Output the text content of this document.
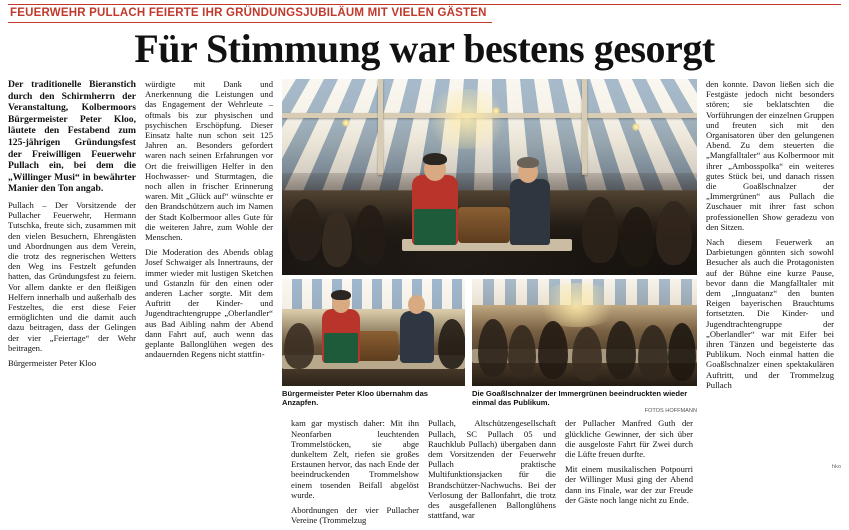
FEUERWEHR PULLACH FEIERTE IHR GRÜNDUNGSJUBILÄUM MIT VIELEN GÄSTEN
Für Stimmung war bestens gesorgt

Der traditionelle Bieranstich durch den Schirmherrn der Veranstaltung, Kolbermoors Bürgermeister Peter Kloo, läutete den Festabend zum 125-jährigen Gründungsfest der Freiwilligen Feuerwehr Pullach ein, bei dem die „Willinger Musi“ in bewährter Manier den Ton angab.

Pullach – Der Vorsitzende der Pullacher Feuerwehr, Hermann Tutschka, freute sich, zusammen mit den vielen Besuchern, Ehrengästen und Abordnungen aus dem Verein, die trotz des regnerischen Wetters den Weg ins Festzelt gefunden hatten, das Gründungsfest zu feiern. Vor allem dankte er den fleißigen Helfern innerhalb und außerhalb des Festzeltes, die erst diese Feier ermöglichten und die damit auch dazu beitragen, dass der Gelingen der vier „Feiertage“ der Wehr beitragen.

Bürgermeister Peter Kloo

würdigte mit Dank und Anerkennung die Leistungen und das Engagement der Wehrleute – oftmals bis zur physischen und psychischen Erschöpfung. Dieser Einsatz halte nun schon seit 125 Jahren an. Besonders gefordert waren nach seinen Erfahrungen vor Ort die freiwilligen Helfer in den Hochwasser- und Sturmtagen, die noch allen in frischer Erinnerung waren. Mit „Glück auf“ wünschte er den Brandschützern auch im Namen der Stadt Kolbermoor alles Gute für die weiteren Jahre, zum Wohle der Menschen.

Die Moderation des Abends oblag Josef Schwaiger als Innertrauns, der immer wieder mit lustigen Sketchen und Gstanzln für den einen oder anderen Lacher sorgte. Mit dem Auftritt der Kinder- und Jugendtrachtengruppe „Oberlandler“ aus Bad Aibling nahm der Abend dann Fahrt auf, auch wenn das geplante Ballonglühen wegen des andauernden Regens nicht stattfin-

Bürgermeister Peter Kloo übernahm das Anzapfen.
Die Goaßlschnalzer der Immergrünen beeindruckten wieder einmal das Publikum.
FOTOS HOFFMANN

den konnte. Davon ließen sich die Festgäste jedoch nicht besonders stören; sie beklatschten die Vorführungen der einzelnen Gruppen und freuten sich mit den Organisatoren über den gelungenen Abend. Zu dem steuerten die „Mangfalltaler“ aus Kolbermoor mit ihrer „Ambosspolka“ ein weiteres gutes Stück bei, und danach rissen die Goaßlschnalzer der „Immergrünen“ aus Pullach die Zuschauer mit ihrer fast schon professionellen Show geradezu von den Sitzen.

Nach diesem Feuerwerk an Darbietungen gönnten sich sowohl Besucher als auch die Protagonisten auf der Bühne eine kurze Pause, bevor dann die Mangfalltaler mit dem „Innguatanz“ den bunten Reigen bayerischen Brauchtums fortsetzten. Die Kinder- und Jugendtrachtengruppe der „Oberlandler“ war mit Eifer bei ihren Tänzen und begeisterte das Publikum. Noch einmal hatten die Goaßlschnalzer einen spektakulären Auftritt, und der Trommelzug Pullach

kam gar mystisch daher: Mit ihn Neonfarben leuchtenden Trommelstöcken, sie abge dunkeltem Zelt, riefen sie großes Erstaunen hervor, das nach Ende der beeindruckenden Trommelshow einem tosenden Beifall abgelöst wurde.

Abordnungen der vier Pullacher Vereine (Trommelzug

Pullach, Altschützengesellschaft Pullach, SC Pullach 05 und Rauchklub Pullach) übergaben dann dem Vorsitzenden der Feuerwehr Pullach praktische Multifunktionsjacken für die Brandschützer-Nachwuchs. Bei der Verlosung der Ballonfahrt, die trotz des ausgefallenen Ballonglühens stattfand, war

der Pullacher Manfred Guth der glückliche Gewinner, der sich über die ausgeloste Fahrt für Zwei durch die Lüfte freuen durfte.

Mit einem musikalischen Potpourri der Willinger Musi ging der Abend dann ins Finale, war der zur Freude der Gäste noch lange nicht zu Ende.

hko
